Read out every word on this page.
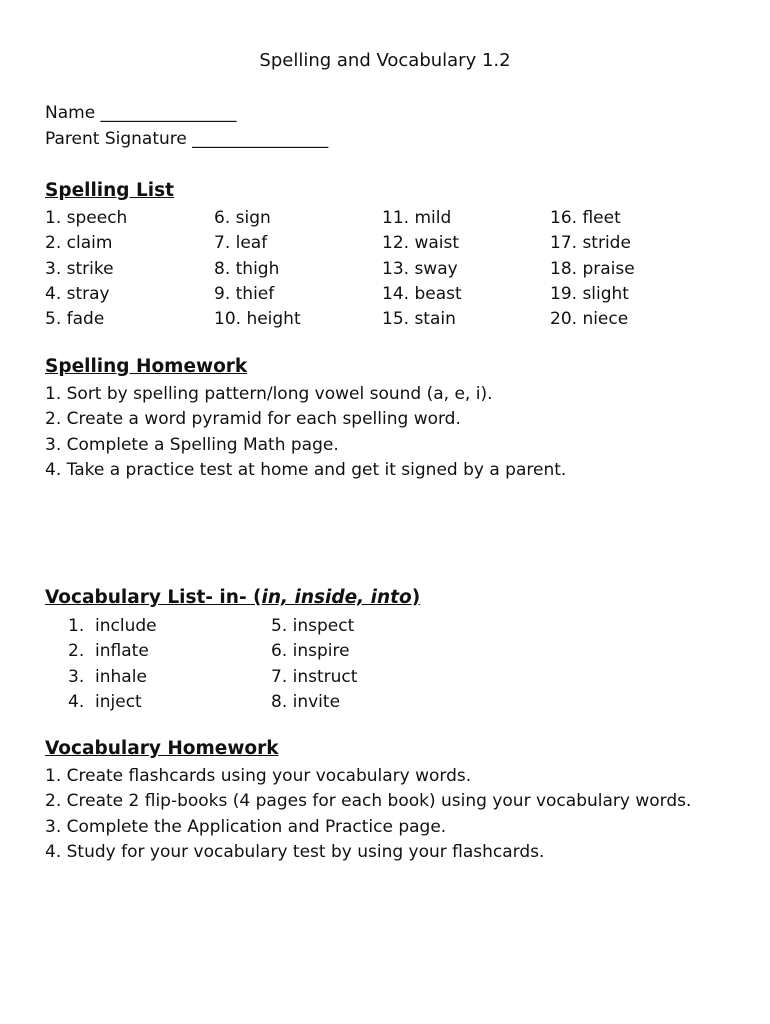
Spelling and Vocabulary 1.2
Name ________________
Parent Signature ________________
Spelling List
1. speech
2. claim
3. strike
4. stray
5. fade
6. sign
7. leaf
8. thigh
9. thief
10. height
11. mild
12. waist
13. sway
14. beast
15. stain
16. fleet
17. stride
18. praise
19. slight
20. niece
Spelling Homework
1. Sort by spelling pattern/long vowel sound (a, e, i).
2. Create a word pyramid for each spelling word.
3. Complete a Spelling Math page.
4. Take a practice test at home and get it signed by a parent.
Vocabulary List- in- (in, inside, into)
1.  include
2.  inflate
3.  inhale
4.  inject
5. inspect
6. inspire
7. instruct
8. invite
Vocabulary Homework
1. Create flashcards using your vocabulary words.
2. Create 2 flip-books (4 pages for each book) using your vocabulary words.
3. Complete the Application and Practice page.
4. Study for your vocabulary test by using your flashcards.
